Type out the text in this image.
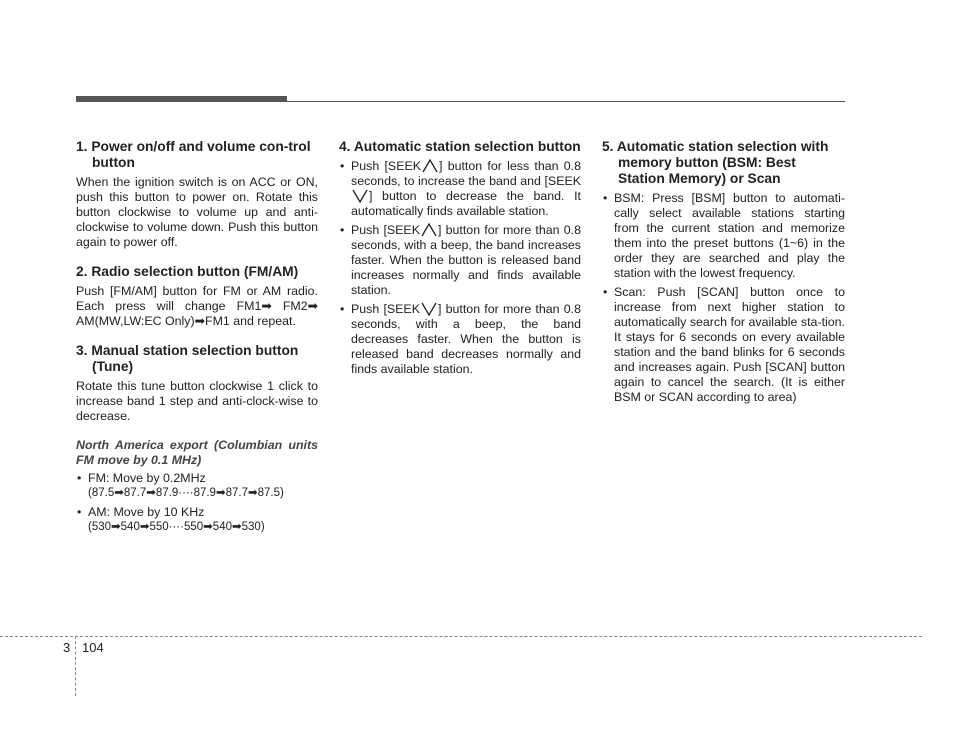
1. Power on/off and volume con-trol button

When the ignition switch is on ACC or ON, push this button to power on. Rotate this button clockwise to volume up and anti-clockwise to volume down. Push this button again to power off.

2. Radio selection button (FM/AM)

Push [FM/AM] button for FM or AM radio. Each press will change FM1➡ FM2➡ AM(MW,LW:EC Only)➡FM1 and repeat.

3. Manual station selection button (Tune)

Rotate this tune button clockwise 1 click to increase band 1 step and anti-clock-wise to decrease.

North America export (Columbian units FM move by 0.1 MHz)
• FM: Move by 0.2MHz
(87.5➡87.7➡87.9····87.9➡87.7➡87.5)
• AM: Move by 10 KHz
(530➡540➡550····550➡540➡530)
4. Automatic station selection button
• Push [SEEK ] button for less than 0.8 seconds, to increase the band and [SEEK
] button to decrease the band. It automatically finds available station.
• Push [SEEK ] button for more than 0.8 seconds, with a beep, the band increases faster. When the button is released band increases normally and finds available station.
• Push [SEEK ] button for more than 0.8 seconds, with a beep, the band decreases faster. When the button is released band decreases normally and finds available station.
5. Automatic station selection with memory button (BSM: Best Station Memory) or Scan
• BSM: Press [BSM] button to automati-cally select available stations starting from the current station and memorize them into the preset buttons (1~6) in the order they are searched and play the station with the lowest frequency.
• Scan: Push [SCAN] button once to increase from next higher station to automatically search for available sta-tion. It stays for 6 seconds on every available station and the band blinks for 6 seconds and increases again. Push [SCAN] button again to cancel the search. (It is either BSM or SCAN according to area)
3 104
